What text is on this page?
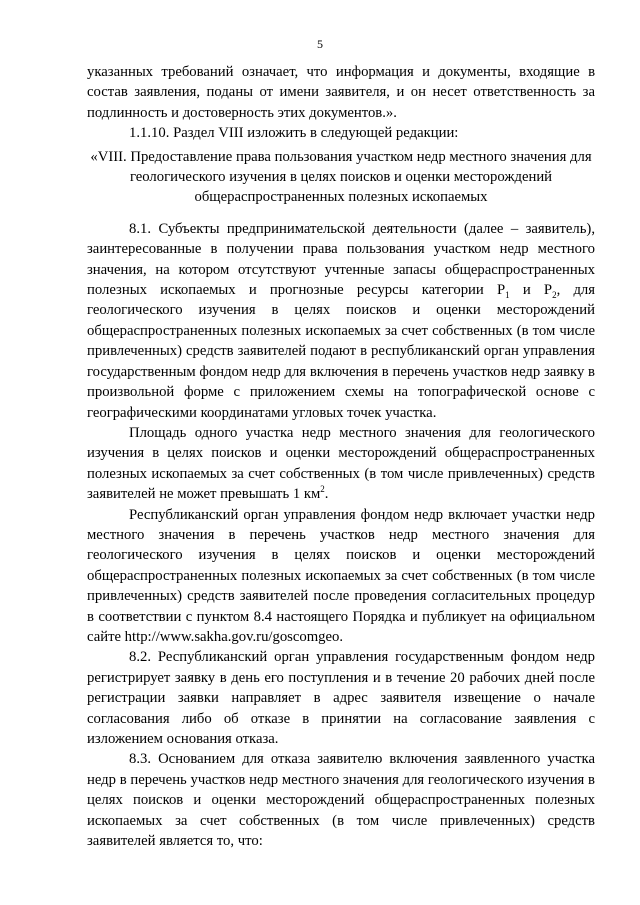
5

указанных требований означает, что информация и документы, входящие в состав заявления, поданы от имени заявителя, и он несет ответственность за подлинность и достоверность этих документов.».

1.1.10. Раздел VIII изложить в следующей редакции:

«VIII. Предоставление права пользования участком недр местного значения для геологического изучения в целях поисков и оценки месторождений общераспространенных полезных ископаемых

8.1. Субъекты предпринимательской деятельности (далее – заявитель), заинтересованные в получении права пользования участком недр местного значения, на котором отсутствуют учтенные запасы общераспространенных полезных ископаемых и прогнозные ресурсы категории $Р_1$ и $Р_2$, для геологического изучения в целях поисков и оценки месторождений общераспространенных полезных ископаемых за счет собственных (в том числе привлеченных) средств заявителей подают в республиканский орган управления государственным фондом недр для включения в перечень участков недр заявку в произвольной форме с приложением схемы на топографической основе с географическими координатами угловых точек участка.

Площадь одного участка недр местного значения для геологического изучения в целях поисков и оценки месторождений общераспространенных полезных ископаемых за счет собственных (в том числе привлеченных) средств заявителей не может превышать 1 $км^2$.

Республиканский орган управления фондом недр включает участки недр местного значения в перечень участков недр местного значения для геологического изучения в целях поисков и оценки месторождений общераспространенных полезных ископаемых за счет собственных (в том числе привлеченных) средств заявителей после проведения согласительных процедур в соответствии с пунктом 8.4 настоящего Порядка и публикует на официальном сайте http://www.sakha.gov.ru/goscomgeo.

8.2. Республиканский орган управления государственным фондом недр регистрирует заявку в день его поступления и в течение 20 рабочих дней после регистрации заявки направляет в адрес заявителя извещение о начале согласования либо об отказе в принятии на согласование заявления с изложением основания отказа.

8.3. Основанием для отказа заявителю включения заявленного участка недр в перечень участков недр местного значения для геологического изучения в целях поисков и оценки месторождений общераспространенных полезных ископаемых за счет собственных (в том числе привлеченных) средств заявителей является то, что:
